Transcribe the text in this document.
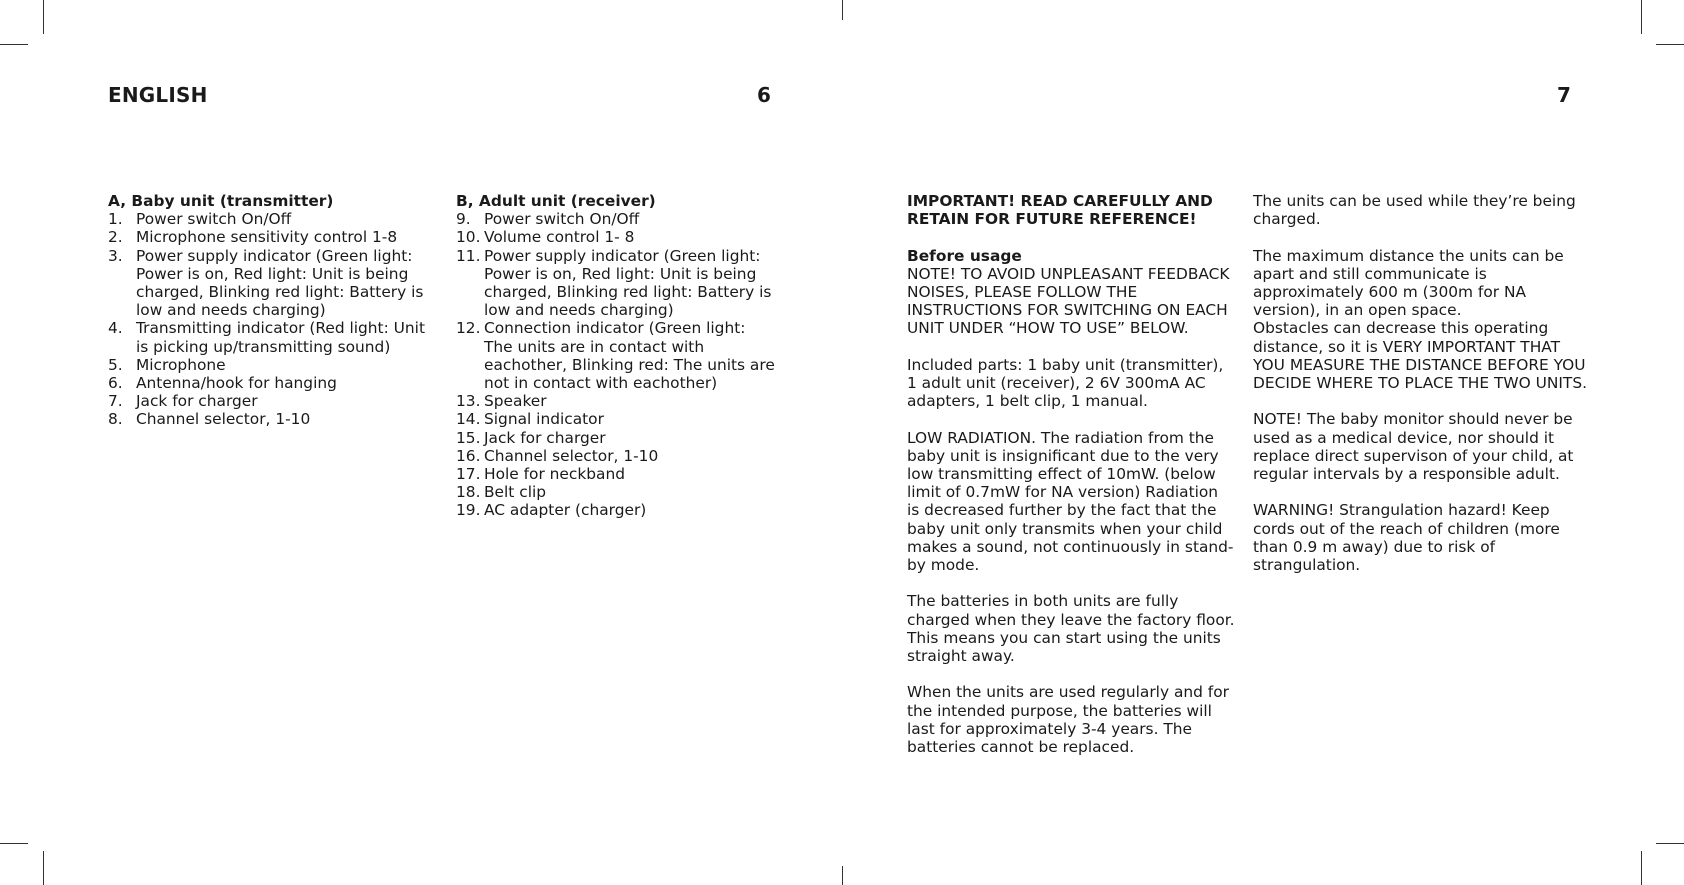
ENGLISH	6	7
A, Baby unit (transmitter)
1. Power switch On/Off
2. Microphone sensitivity control 1-8
3. Power supply indicator (Green light: Power is on, Red light: Unit is being charged, Blinking red light: Battery is low and needs charging)
4. Transmitting indicator (Red light: Unit is picking up/transmitting sound)
5. Microphone
6. Antenna/hook for hanging
7. Jack for charger
8. Channel selector, 1-10
B, Adult unit (receiver)
9. Power switch On/Off
10. Volume control 1- 8
11. Power supply indicator (Green light: Power is on, Red light: Unit is being charged, Blinking red light: Battery is low and needs charging)
12. Connection indicator (Green light: The units are in contact with eachother, Blinking red: The units are not in contact with eachother)
13. Speaker
14. Signal indicator
15. Jack for charger
16. Channel selector, 1-10
17. Hole for neckband
18. Belt clip
19. AC adapter (charger)

IMPORTANT! READ CAREFULLY AND RETAIN FOR FUTURE REFERENCE!

Before usage

NOTE! TO AVOID UNPLEASANT FEEDBACK NOISES, PLEASE FOLLOW THE INSTRUCTIONS FOR SWITCHING ON EACH UNIT UNDER “HOW TO USE” BELOW.

Included parts: 1 baby unit (transmitter), 1 adult unit (receiver), 2 6V 300mA AC adapters, 1 belt clip, 1 manual.

LOW RADIATION. The radiation from the baby unit is insignificant due to the very low transmitting effect of 10mW. (below limit of 0.7mW for NA version) Radiation is decreased further by the fact that the baby unit only transmits when your child makes a sound, not continuously in stand-by mode.

The batteries in both units are fully charged when they leave the factory floor. This means you can start using the units straight away.

When the units are used regularly and for the intended purpose, the batteries will last for approximately 3-4 years. The batteries cannot be replaced.

The units can be used while they’re being charged.

The maximum distance the units can be apart and still communicate is approximately 600 m (300m for NA version), in an open space.

Obstacles can decrease this operating distance, so it is VERY IMPORTANT THAT YOU MEASURE THE DISTANCE BEFORE YOU DECIDE WHERE TO PLACE THE TWO UNITS.

NOTE! The baby monitor should never be used as a medical device, nor should it replace direct supervison of your child, at regular intervals by a responsible adult.

WARNING! Strangulation hazard! Keep cords out of the reach of children (more than 0.9 m away) due to risk of strangulation.
